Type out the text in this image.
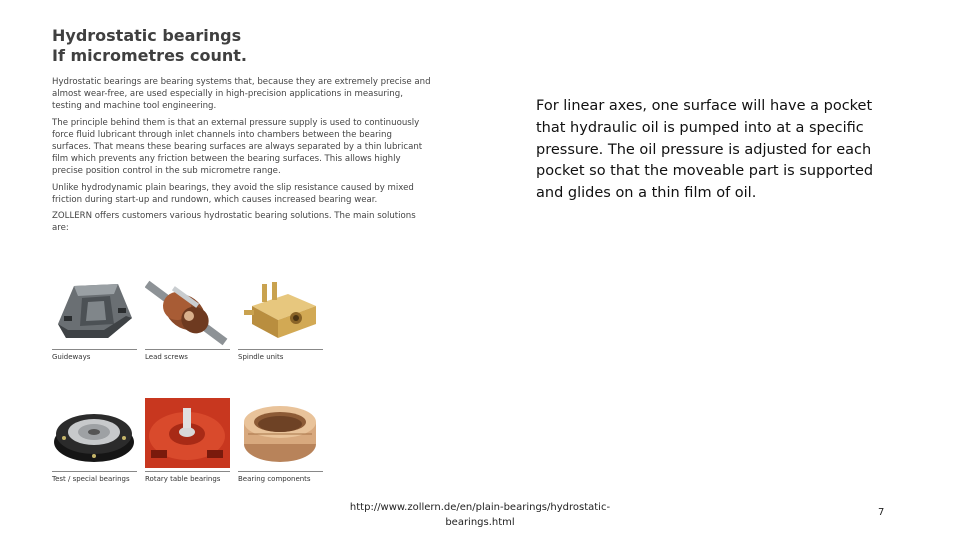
Hydrostatic bearings
If micrometres count.

Hydrostatic bearings are bearing systems that, because they are extremely precise and almost wear-free, are used especially in high-precision applications in measuring, testing and machine tool engineering.

The principle behind them is that an external pressure supply is used to continuously force fluid lubricant through inlet channels into chambers between the bearing surfaces. That means these bearing surfaces are always separated by a thin lubricant film which prevents any friction between the bearing surfaces. This allows highly precise position control in the sub micrometre range.

Unlike hydrodynamic plain bearings, they avoid the slip resistance caused by mixed friction during start-up and rundown, which causes increased bearing wear.

ZOLLERN offers customers various hydrostatic bearing solutions. The main solutions are:

Guideways	Lead screws	Spindle units
Test / special bearings	Rotary table bearings	Bearing components

For linear axes, one surface will have a pocket that hydraulic oil is pumped into at a specific pressure. The oil pressure is adjusted for each pocket so that the moveable part is supported and glides on a thin film of oil.

http://www.zollern.de/en/plain-bearings/hydrostatic-bearings.html

7
